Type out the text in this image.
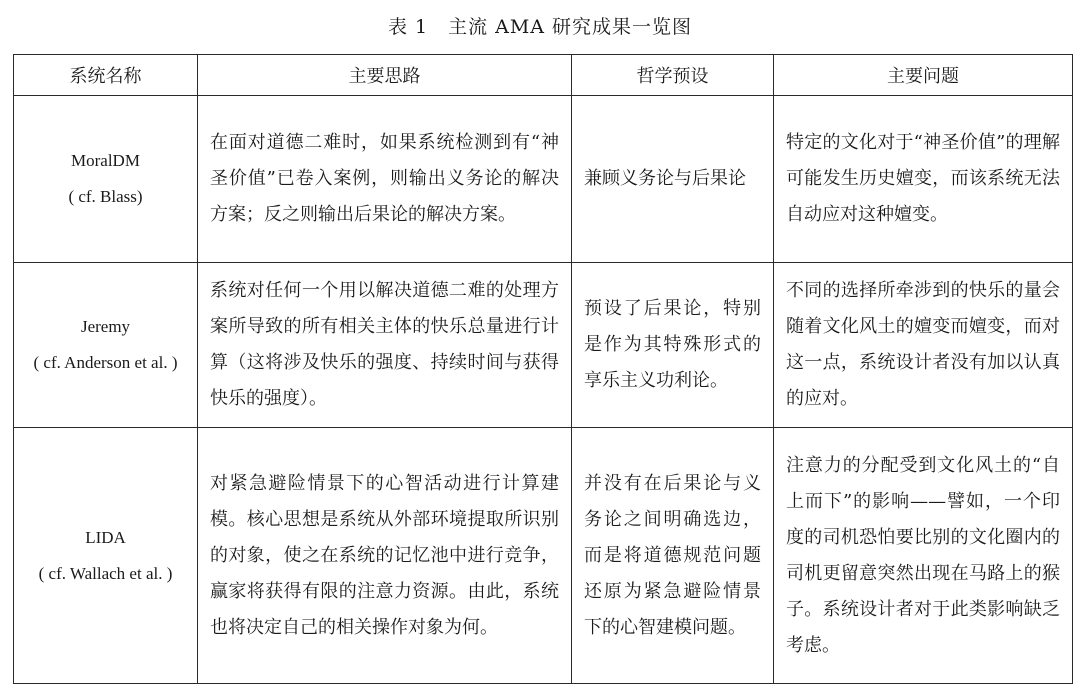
表 1　主流 AMA 研究成果一览图
系统名称	主要思路	哲学预设	主要问题

MoralDM
( cf. Blass)	在面对道德二难时，如果系统检测到有“神圣价值”已卷入案例，则输出义务论的解决方案；反之则输出后果论的解决方案。	兼顾义务论与后果论	特定的文化对于“神圣价值”的理解可能发生历史嬗变，而该系统无法自动应对这种嬗变。

Jeremy
( cf. Anderson et al. )	系统对任何一个用以解决道德二难的处理方案所导致的所有相关主体的快乐总量进行计算（这将涉及快乐的强度、持续时间与获得快乐的强度）。	预设了后果论，特别是作为其特殊形式的享乐主义功利论。	不同的选择所牵涉到的快乐的量会随着文化风土的嬗变而嬗变，而对这一点，系统设计者没有加以认真的应对。

LIDA
( cf. Wallach et al. )	对紧急避险情景下的心智活动进行计算建模。核心思想是系统从外部环境提取所识别的对象，使之在系统的记忆池中进行竞争，赢家将获得有限的注意力资源。由此，系统也将决定自己的相关操作对象为何。	并没有在后果论与义务论之间明确选边，而是将道德规范问题还原为紧急避险情景下的心智建模问题。	注意力的分配受到文化风土的“自上而下”的影响——譬如，一个印度的司机恐怕要比别的文化圈内的司机更留意突然出现在马路上的猴子。系统设计者对于此类影响缺乏考虑。
